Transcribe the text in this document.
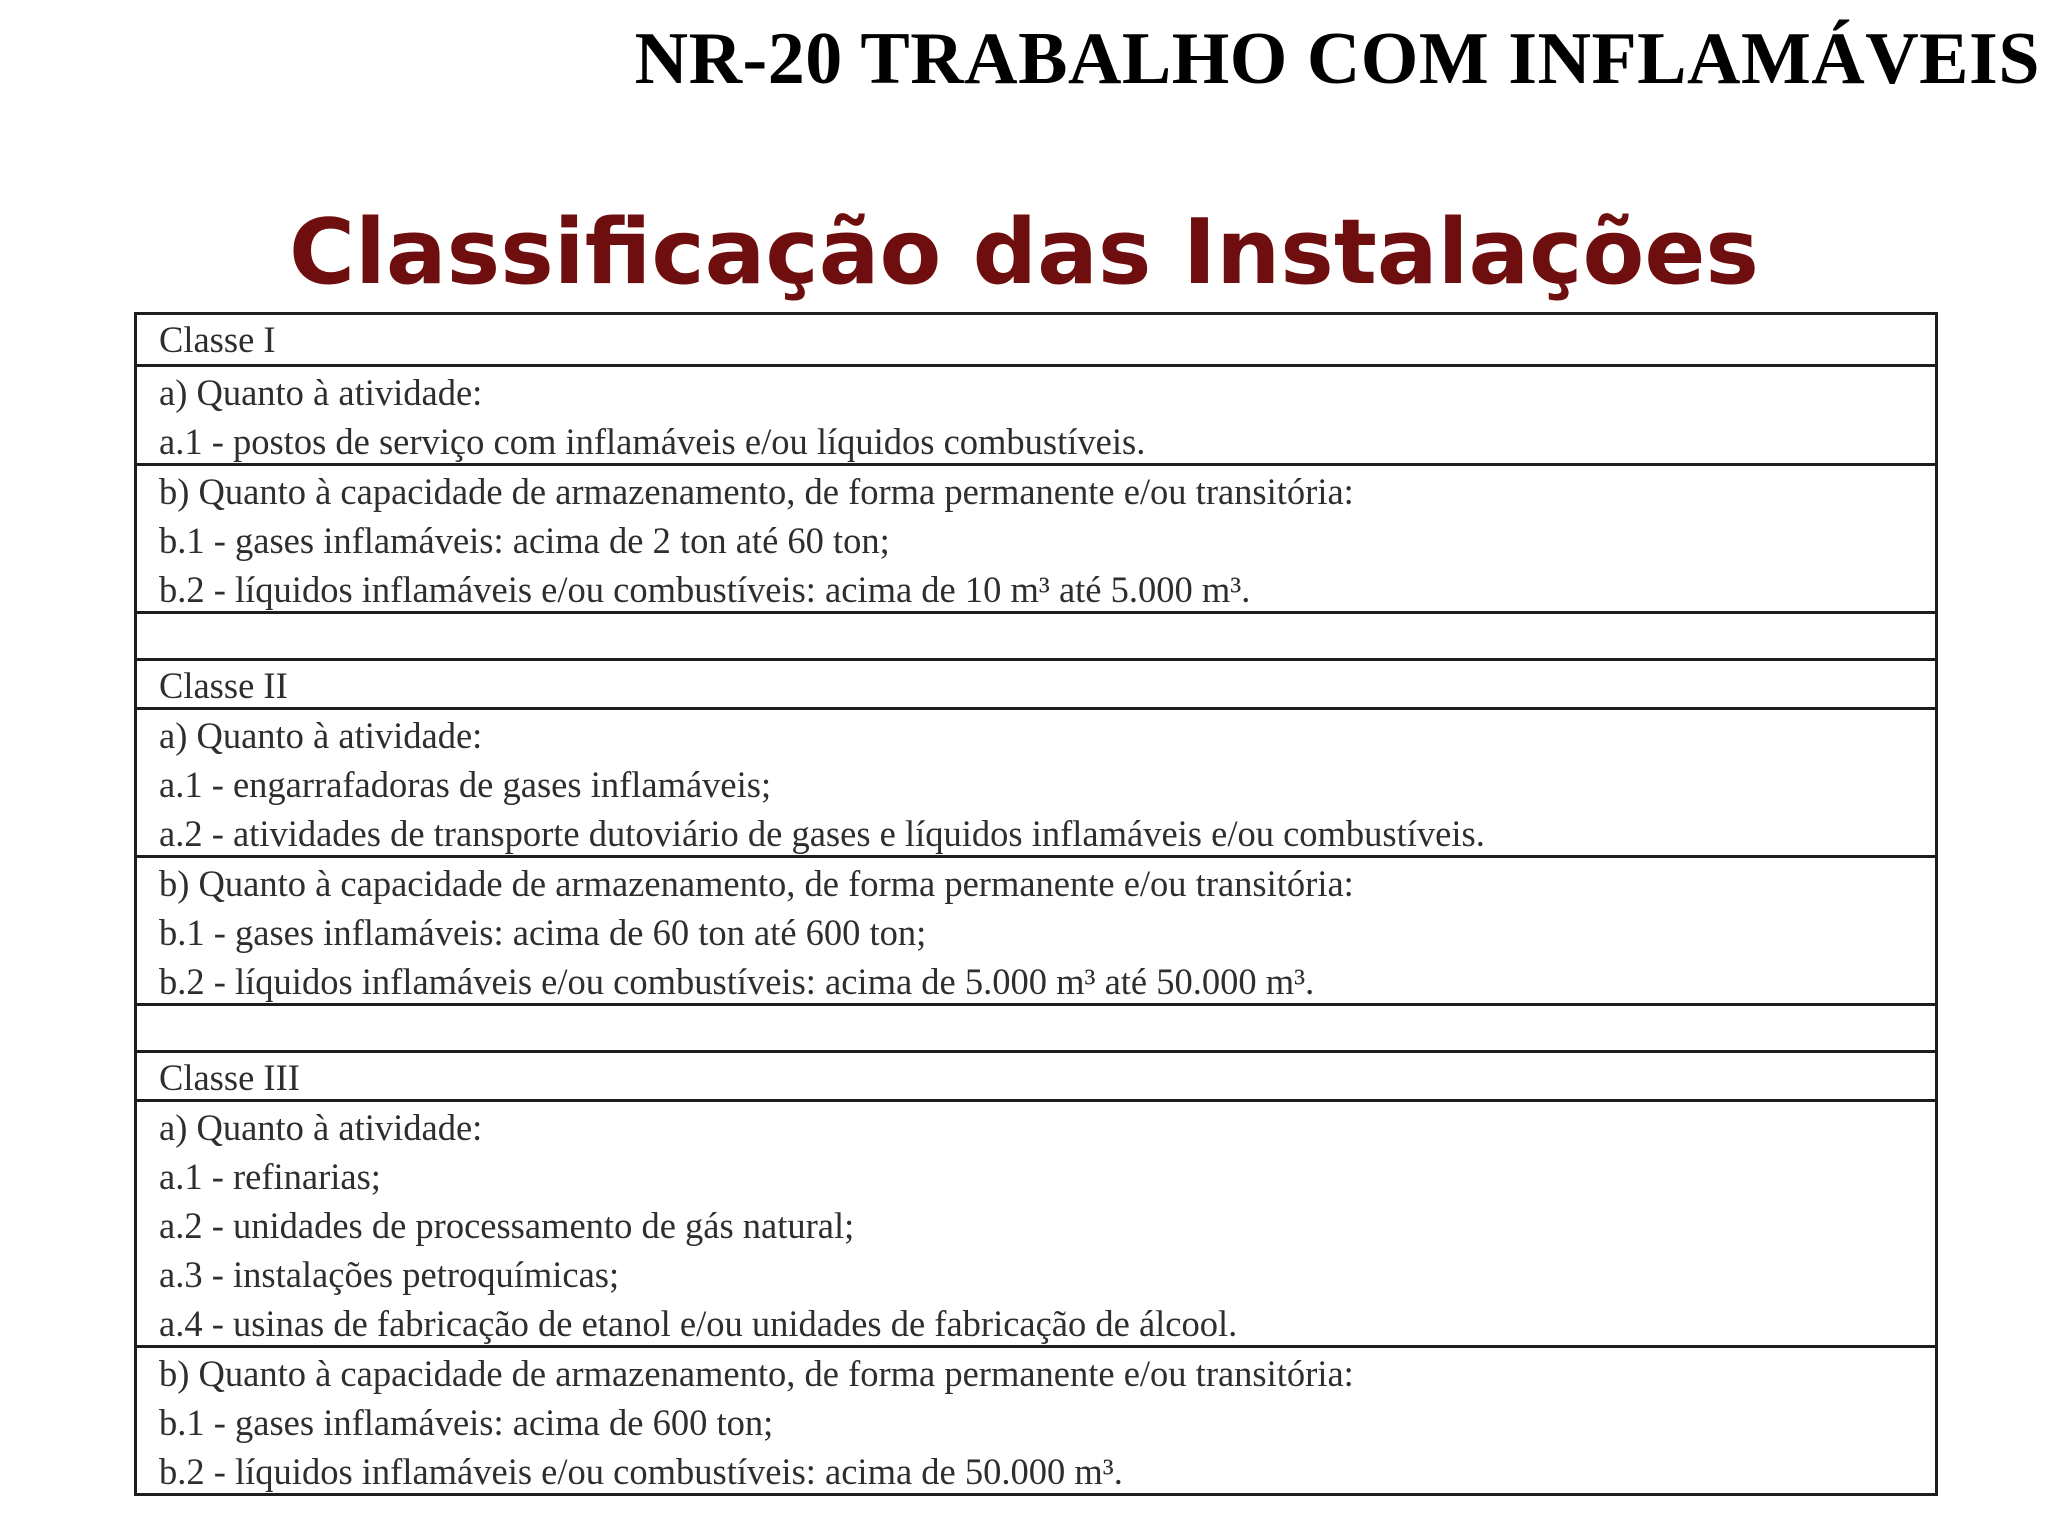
NR-20 TRABALHO COM INFLAMÁVEIS
Classificação das Instalações
Classe I
a) Quanto à atividade:
a.1 - postos de serviço com inflamáveis e/ou líquidos combustíveis.
b) Quanto à capacidade de armazenamento, de forma permanente e/ou transitória:
b.1 - gases inflamáveis: acima de 2 ton até 60 ton;
b.2 - líquidos inflamáveis e/ou combustíveis: acima de 10 m³ até 5.000 m³.
Classe II
a) Quanto à atividade:
a.1 - engarrafadoras de gases inflamáveis;
a.2 - atividades de transporte dutoviário de gases e líquidos inflamáveis e/ou combustíveis.
b) Quanto à capacidade de armazenamento, de forma permanente e/ou transitória:
b.1 - gases inflamáveis: acima de 60 ton até 600 ton;
b.2 - líquidos inflamáveis e/ou combustíveis: acima de 5.000 m³ até 50.000 m³.
Classe III
a) Quanto à atividade:
a.1 - refinarias;
a.2 - unidades de processamento de gás natural;
a.3 - instalações petroquímicas;
a.4 - usinas de fabricação de etanol e/ou unidades de fabricação de álcool.
b) Quanto à capacidade de armazenamento, de forma permanente e/ou transitória:
b.1 - gases inflamáveis: acima de 600 ton;
b.2 - líquidos inflamáveis e/ou combustíveis: acima de 50.000 m³.
